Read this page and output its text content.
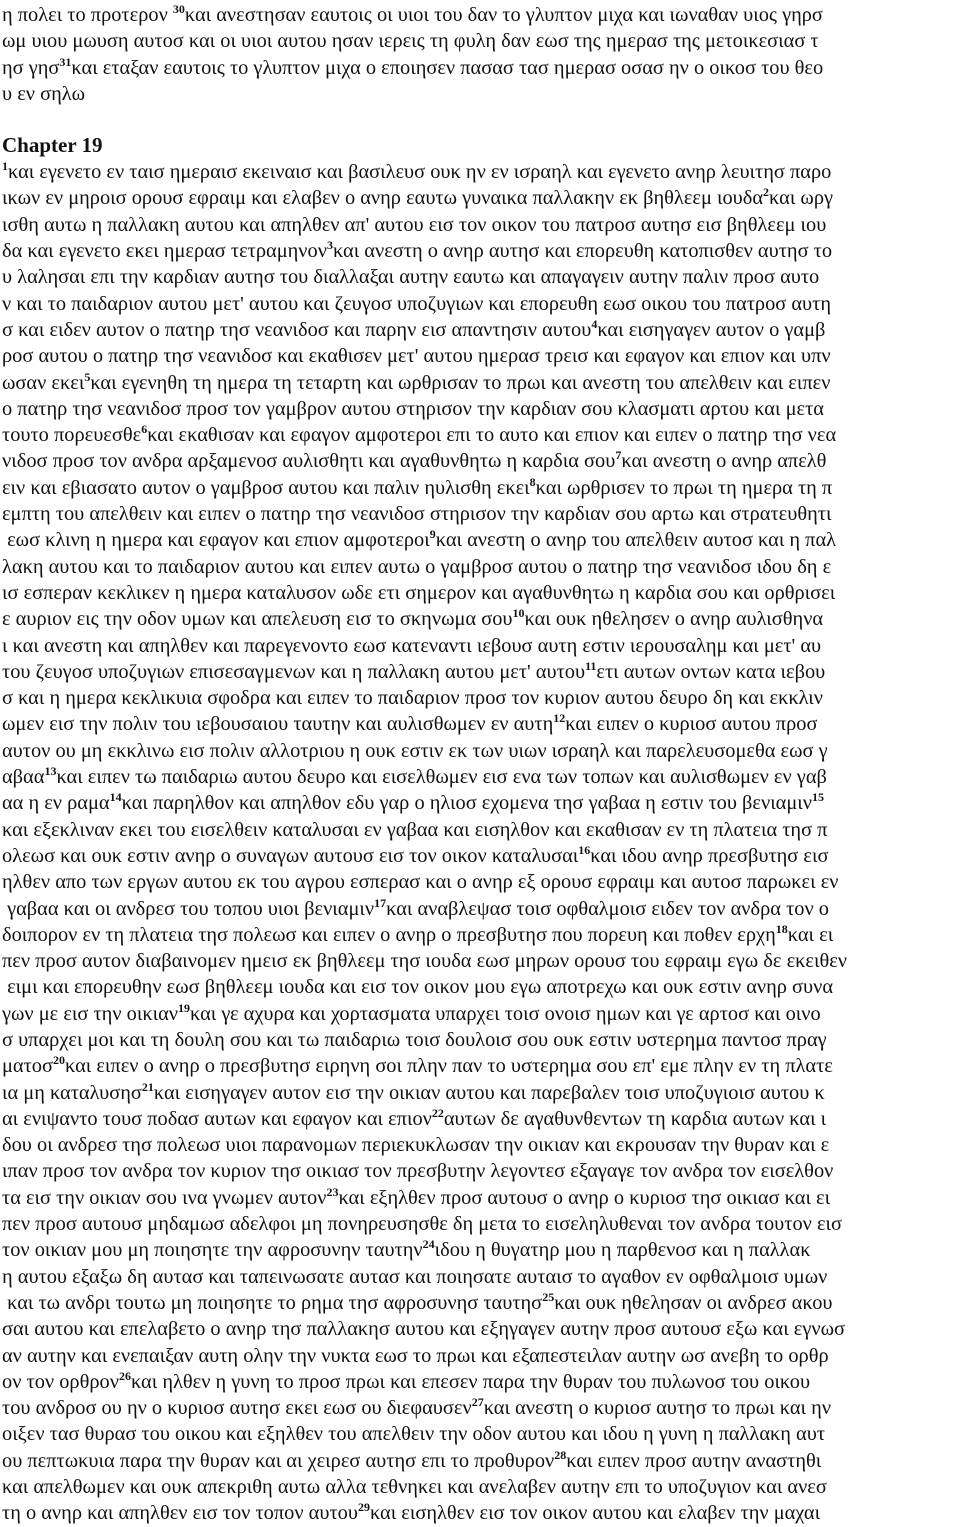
η πολει το προτερον $^{30}$και ανεστησαν εαυτοις οι υιοι του δαν το γλυπτον μιχα και ιωναθαν υιος γηρσ
ωμ υιου μωυση αυτοσ και οι υιοι αυτου ησαν ιερεις τη φυλη δαν εωσ της ημερασ της μετοικεσιασ τ
ησ γησ$^{31}$και εταξαν εαυτοις το γλυπτον μιχα ο εποιησεν πασασ τασ ημερασ οσασ ην ο οικοσ του θεο
υ εν σηλω
Chapter 19
$^1$και εγενετο εν ταισ ημεραισ εκειναισ και βασιλευσ ουκ ην εν ισραηλ και εγενετο ανηρ λευιτησ παρο
ικων εν μηροισ ορουσ εφραιμ και ελαβεν ο ανηρ εαυτω γυναικα παλλακην εκ βηθλεεμ ιουδα$^2$και ωργ
ισθη αυτω η παλλακη αυτου και απηλθεν απ' αυτου εισ τον οικον του πατροσ αυτησ εισ βηθλεεμ ιου
δα και εγενετο εκει ημερασ τετραμηνον$^3$και ανεστη ο ανηρ αυτησ και επορευθη κατοπισθεν αυτησ το
υ λαλησαι επι την καρδιαν αυτησ του διαλλαξαι αυτην εαυτω και απαγαγειν αυτην παλιν προσ αυτο
ν και το παιδαριον αυτου μετ' αυτου και ζευγοσ υποζυγιων και επορευθη εωσ οικου του πατροσ αυτη
σ και ειδεν αυτον ο πατηρ τησ νεανιδοσ και παρην εισ απαντησιν αυτου$^4$και εισηγαγεν αυτον ο γαμβ
ροσ αυτου ο πατηρ τησ νεανιδοσ και εκαθισεν μετ' αυτου ημερασ τρεισ και εφαγον και επιον και υπν
ωσαν εκει$^5$και εγενηθη τη ημερα τη τεταρτη και ωρθρισαν το πρωι και ανεστη του απελθειν και ειπεν
ο πατηρ τησ νεανιδοσ προσ τον γαμβρον αυτου στηρισον την καρδιαν σου κλασματι αρτου και μετα
τουτο πορευεσθε$^6$και εκαθισαν και εφαγον αμφοτεροι επι το αυτο και επιον και ειπεν ο πατηρ τησ νεα
νιδοσ προσ τον ανδρα αρξαμενοσ αυλισθητι και αγαθυνθητω η καρδια σου$^7$και ανεστη ο ανηρ απελθ
ειν και εβιασατο αυτον ο γαμβροσ αυτου και παλιν ηυλισθη εκει$^8$και ωρθρισεν το πρωι τη ημερα τη π
εμπτη του απελθειν και ειπεν ο πατηρ τησ νεανιδοσ στηρισον την καρδιαν σου αρτω και στρατευθητι
εωσ κλινη η ημερα και εφαγον και επιον αμφοτεροι$^9$και ανεστη ο ανηρ του απελθειν αυτοσ και η παλ
λακη αυτου και το παιδαριον αυτου και ειπεν αυτω ο γαμβροσ αυτου ο πατηρ τησ νεανιδοσ ιδου δη ε
ισ εσπεραν κεκλικεν η ημερα καταλυσον ωδε ετι σημερον και αγαθυνθητω η καρδια σου και ορθρισει
ε αυριον εις την οδον υμων και απελευση εισ το σκηνωμα σου$^{10}$και ουκ ηθελησεν ο ανηρ αυλισθηνα
ι και ανεστη και απηλθεν και παρεγενοντο εωσ κατεναντι ιεβουσ αυτη εστιν ιερουσαλημ και μετ' αυ
του ζευγοσ υποζυγιων επισεσαγμενων και η παλλακη αυτου μετ' αυτου$^{11}$ετι αυτων οντων κατα ιεβου
σ και η ημερα κεκλικυια σφοδρα και ειπεν το παιδαριον προσ τον κυριον αυτου δευρο δη και εκκλιν
ωμεν εισ την πολιν του ιεβουσαιου ταυτην και αυλισθωμεν εν αυτη$^{12}$και ειπεν ο κυριοσ αυτου προσ
αυτον ου μη εκκλινω εισ πολιν αλλοτριου η ουκ εστιν εκ των υιων ισραηλ και παρελευσομεθα εωσ γ
αβαα$^{13}$και ειπεν τω παιδαριω αυτου δευρο και εισελθωμεν εισ ενα των τοπων και αυλισθωμεν εν γαβ
αα η εν ραμα$^{14}$και παρηλθον και απηλθον εδυ γαρ ο ηλιοσ εχομενα τησ γαβαα η εστιν του βενιαμιν$^{15}$
και εξεκλιναν εκει του εισελθειν καταλυσαι εν γαβαα και εισηλθον και εκαθισαν εν τη πλατεια τησ π
ολεωσ και ουκ εστιν ανηρ ο συναγων αυτουσ εισ τον οικον καταλυσαι$^{16}$και ιδου ανηρ πρεσβυτησ εισ
ηλθεν απο των εργων αυτου εκ του αγρου εσπερασ και ο ανηρ εξ ορουσ εφραιμ και αυτοσ παρωκει εν
γαβαα και οι ανδρεσ του τοπου υιοι βενιαμιν$^{17}$και αναβλεψασ τοισ οφθαλμοισ ειδεν τον ανδρα τον ο
δοιπορον εν τη πλατεια τησ πολεωσ και ειπεν ο ανηρ ο πρεσβυτησ που πορευη και ποθεν ερχη$^{18}$και ει
πεν προσ αυτον διαβαινομεν ημεισ εκ βηθλεεμ τησ ιουδα εωσ μηρων ορουσ του εφραιμ εγω δε εκειθεν
ειμι και επορευθην εωσ βηθλεεμ ιουδα και εισ τον οικον μου εγω αποτρεχω και ουκ εστιν ανηρ συνα
γων με εισ την οικιαν$^{19}$και γε αχυρα και χορτασματα υπαρχει τοισ ονοισ ημων και γε αρτοσ και οινο
σ υπαρχει μοι και τη δουλη σου και τω παιδαριω τοισ δουλοισ σου ουκ εστιν υστερημα παντοσ πραγ
ματοσ$^{20}$και ειπεν ο ανηρ ο πρεσβυτησ ειρηνη σοι πλην παν το υστερημα σου επ' εμε πλην εν τη πλατε
ια μη καταλυσησ$^{21}$και εισηγαγεν αυτον εισ την οικιαν αυτου και παρεβαλεν τοισ υποζυγιοισ αυτου κ
αι ενιψαντο τουσ ποδασ αυτων και εφαγον και επιον$^{22}$αυτων δε αγαθυνθεντων τη καρδια αυτων και ι
δου οι ανδρεσ τησ πολεωσ υιοι παρανομων περιεκυκλωσαν την οικιαν και εκρουσαν την θυραν και ε
ιπαν προσ τον ανδρα τον κυριον τησ οικιασ τον πρεσβυτην λεγοντεσ εξαγαγε τον ανδρα τον εισελθον
τα εισ την οικιαν σου ινα γνωμεν αυτον$^{23}$και εξηλθεν προσ αυτουσ ο ανηρ ο κυριοσ τησ οικιασ και ει
πεν προσ αυτουσ μηδαμωσ αδελφοι μη πονηρευσησθε δη μετα το εισεληλυθεναι τον ανδρα τουτον εισ
τον οικιαν μου μη ποιησητε την αφροσυνην ταυτην$^{24}$ιδου η θυγατηρ μου η παρθενοσ και η παλλακ
η αυτου εξαξω δη αυτασ και ταπεινωσατε αυτασ και ποιησατε αυταισ το αγαθον εν οφθαλμοισ υμων
και τω ανδρι τουτω μη ποιησητε το ρημα τησ αφροσυνησ ταυτησ$^{25}$και ουκ ηθελησαν οι ανδρεσ ακου
σαι αυτου και επελαβετο ο ανηρ τησ παλλακησ αυτου και εξηγαγεν αυτην προσ αυτουσ εξω και εγνωσ
αν αυτην και ενεπαιξαν αυτη ολην την νυκτα εωσ το πρωι και εξαπεστειλαν αυτην ωσ ανεβη το ορθρ
ον τον ορθρον$^{26}$και ηλθεν η γυνη το προσ πρωι και επεσεν παρα την θυραν του πυλωνοσ του οικου
του ανδροσ ου ην ο κυριοσ αυτησ εκει εωσ ου διεφαυσεν$^{27}$και ανεστη ο κυριοσ αυτησ το πρωι και ην
οιξεν τασ θυρασ του οικου και εξηλθεν του απελθειν την οδον αυτου και ιδου η γυνη η παλλακη αυτ
ου πεπτωκυια παρα την θυραν και αι χειρεσ αυτησ επι το προθυρον$^{28}$και ειπεν προσ αυτην αναστηθι
και απελθωμεν και ουκ απεκριθη αυτω αλλα τεθνηκει και ανελαβεν αυτην επι το υποζυγιον και ανεσ
τη ο ανηρ και απηλθεν εισ τον τοπον αυτου$^{29}$και εισηλθεν εισ τον οικον αυτου και ελαβεν την μαχαι
